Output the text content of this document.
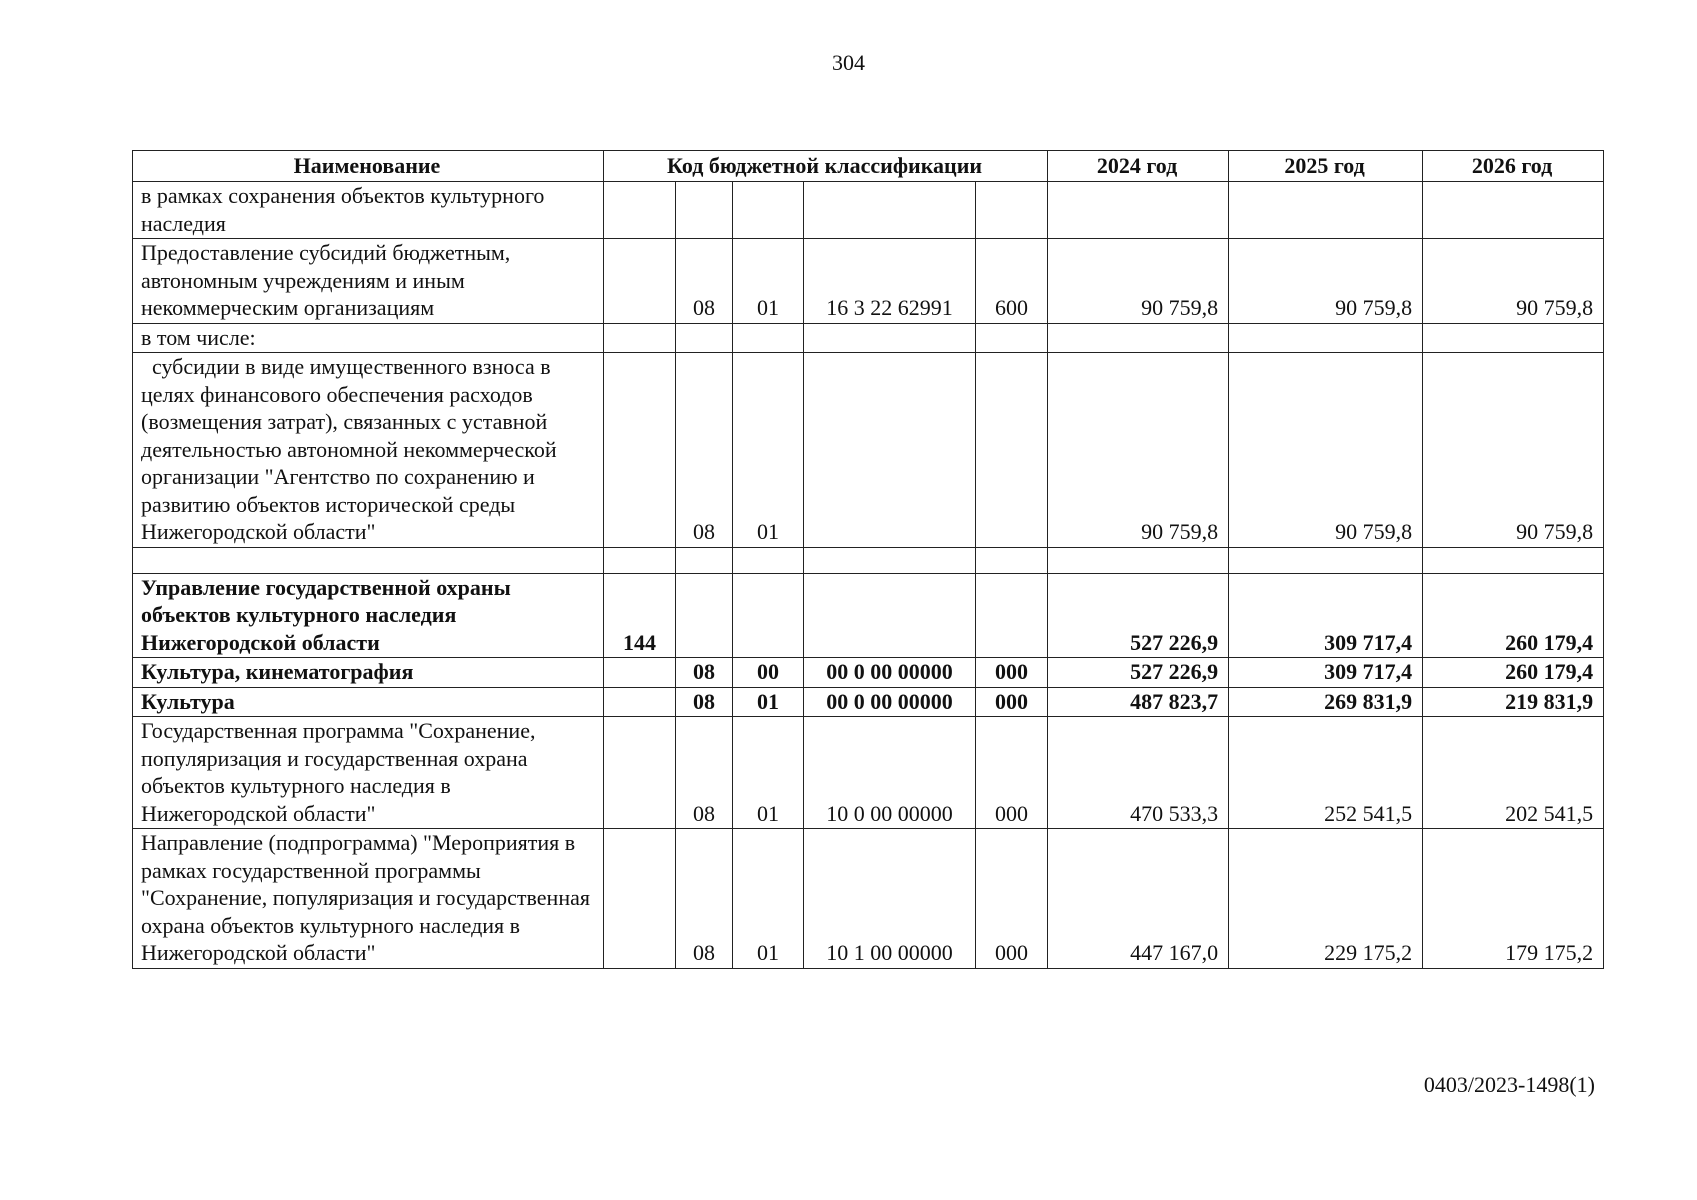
304
Наименование	Код бюджетной классификации					2024 год	2025 год	2026 год
в рамках сохранения объектов культурного наследия								
Предоставление субсидий бюджетным, автономным учреждениям и иным некоммерческим организациям		08	01	16 3 22 62991	600	90 759,8	90 759,8	90 759,8
в том числе:								
субсидии в виде имущественного взноса в целях финансового обеспечения расходов (возмещения затрат), связанных с уставной деятельностью автономной некоммерческой организации "Агентство по сохранению и развитию объектов исторической среды Нижегородской области"		08	01			90 759,8	90 759,8	90 759,8

Управление государственной охраны объектов культурного наследия Нижегородской области	144					527 226,9	309 717,4	260 179,4
Культура, кинематография		08	00	00 0 00 00000	000	527 226,9	309 717,4	260 179,4
Культура		08	01	00 0 00 00000	000	487 823,7	269 831,9	219 831,9
Государственная программа "Сохранение, популяризация и государственная охрана объектов культурного наследия в Нижегородской области"		08	01	10 0 00 00000	000	470 533,3	252 541,5	202 541,5
Направление (подпрограмма) "Мероприятия в рамках государственной программы "Сохранение, популяризация и государственная охрана объектов культурного наследия в Нижегородской области"		08	01	10 1 00 00000	000	447 167,0	229 175,2	179 175,2
0403/2023-1498(1)
